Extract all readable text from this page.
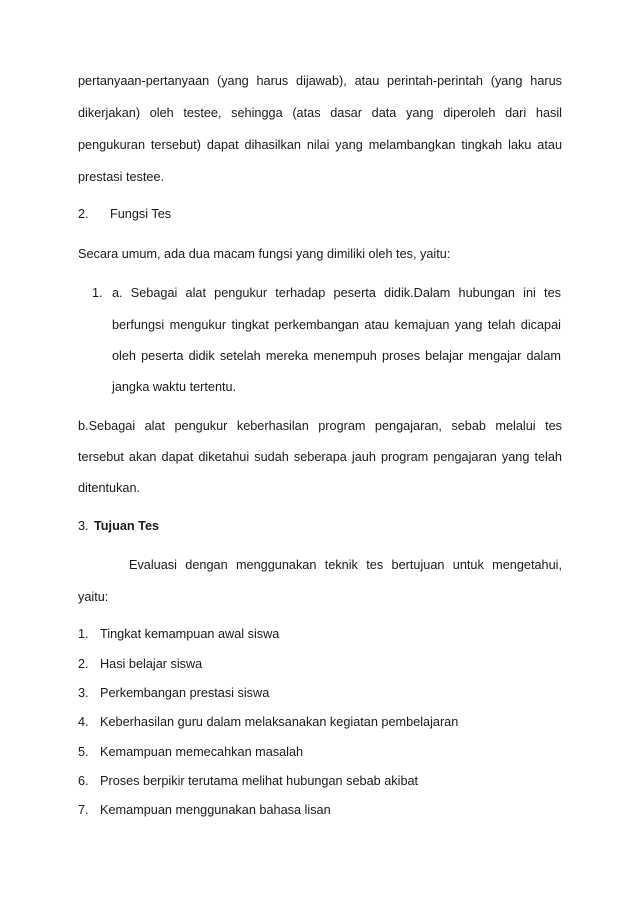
pertanyaan-pertanyaan (yang harus dijawab), atau perintah-perintah (yang harus
dikerjakan) oleh testee, sehingga (atas dasar data yang diperoleh dari hasil
pengukuran tersebut) dapat dihasilkan nilai yang melambangkan tingkah laku atau
prestasi testee.
2. Fungsi Tes
Secara umum, ada dua macam fungsi yang dimiliki oleh tes, yaitu:
1. a. Sebagai alat pengukur terhadap peserta didik.Dalam hubungan ini tes
berfungsi mengukur tingkat perkembangan atau kemajuan yang telah dicapai
oleh peserta didik setelah mereka menempuh proses belajar mengajar dalam
jangka waktu tertentu.
b.Sebagai alat pengukur keberhasilan program pengajaran, sebab melalui tes
tersebut akan dapat diketahui sudah seberapa jauh program pengajaran yang telah
ditentukan.
3. Tujuan Tes
Evaluasi dengan menggunakan teknik tes bertujuan untuk mengetahui,
yaitu:
1. Tingkat kemampuan awal siswa
2. Hasi belajar siswa
3. Perkembangan prestasi siswa
4. Keberhasilan guru dalam melaksanakan kegiatan pembelajaran
5. Kemampuan memecahkan masalah
6. Proses berpikir terutama melihat hubungan sebab akibat
7. Kemampuan menggunakan bahasa lisan
